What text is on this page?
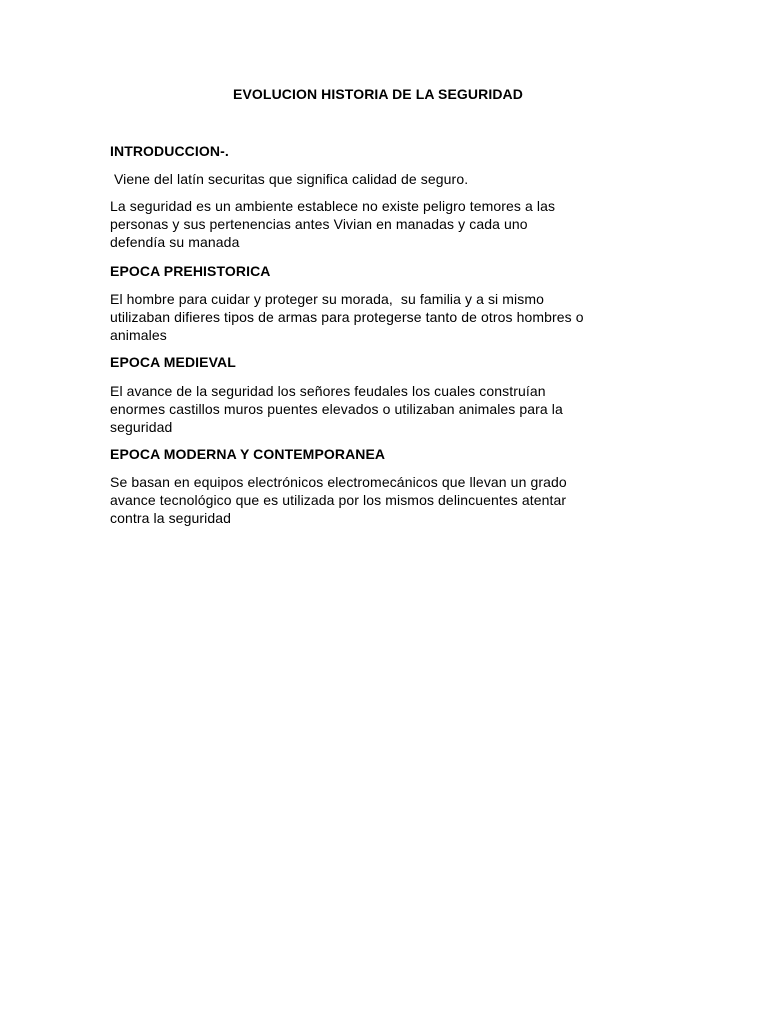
EVOLUCION HISTORIA DE LA SEGURIDAD
INTRODUCCION-.
Viene del latín securitas que significa calidad de seguro.
La seguridad es un ambiente establece no existe peligro temores a las personas y sus pertenencias antes Vivian en manadas y cada uno defendía su manada
EPOCA PREHISTORICA
El hombre para cuidar y proteger su morada,  su familia y a si mismo utilizaban difieres tipos de armas para protegerse tanto de otros hombres o animales
EPOCA MEDIEVAL
El avance de la seguridad los señores feudales los cuales construían enormes castillos muros puentes elevados o utilizaban animales para la seguridad
EPOCA MODERNA Y CONTEMPORANEA
Se basan en equipos electrónicos electromecánicos que llevan un grado avance tecnológico que es utilizada por los mismos delincuentes atentar contra la seguridad
